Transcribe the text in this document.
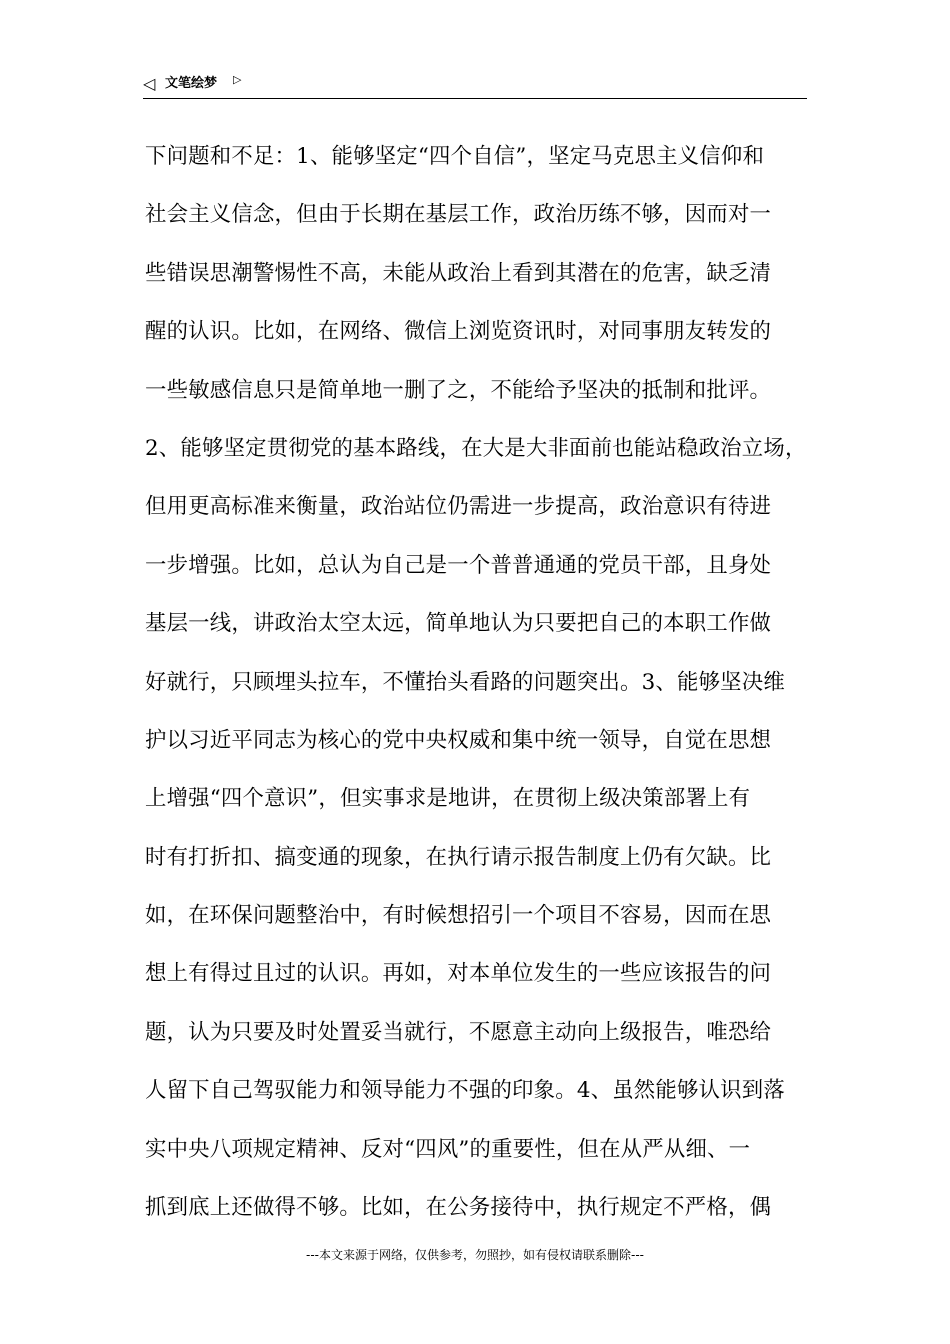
◁ 文笔绘梦 ▷
下问题和不足：1、能够坚定“四个自信”，坚定马克思主义信仰和
社会主义信念，但由于长期在基层工作，政治历练不够，因而对一
些错误思潮警惕性不高，未能从政治上看到其潜在的危害，缺乏清
醒的认识。比如，在网络、微信上浏览资讯时，对同事朋友转发的
一些敏感信息只是简单地一删了之，不能给予坚决的抵制和批评。
2、能够坚定贯彻党的基本路线，在大是大非面前也能站稳政治立场，
但用更高标准来衡量，政治站位仍需进一步提高，政治意识有待进
一步增强。比如，总认为自己是一个普普通通的党员干部，且身处
基层一线，讲政治太空太远，简单地认为只要把自己的本职工作做
好就行，只顾埋头拉车，不懂抬头看路的问题突出。3、能够坚决维
护以习近平同志为核心的党中央权威和集中统一领导，自觉在思想
上增强“四个意识”，但实事求是地讲，在贯彻上级决策部署上有
时有打折扣、搞变通的现象，在执行请示报告制度上仍有欠缺。比
如，在环保问题整治中，有时候想招引一个项目不容易，因而在思
想上有得过且过的认识。再如，对本单位发生的一些应该报告的问
题，认为只要及时处置妥当就行，不愿意主动向上级报告，唯恐给
人留下自己驾驭能力和领导能力不强的印象。4、虽然能够认识到落
实中央八项规定精神、反对“四风”的重要性，但在从严从细、一
抓到底上还做得不够。比如，在公务接待中，执行规定不严格，偶
---本文来源于网络，仅供参考，勿照抄，如有侵权请联系删除---
